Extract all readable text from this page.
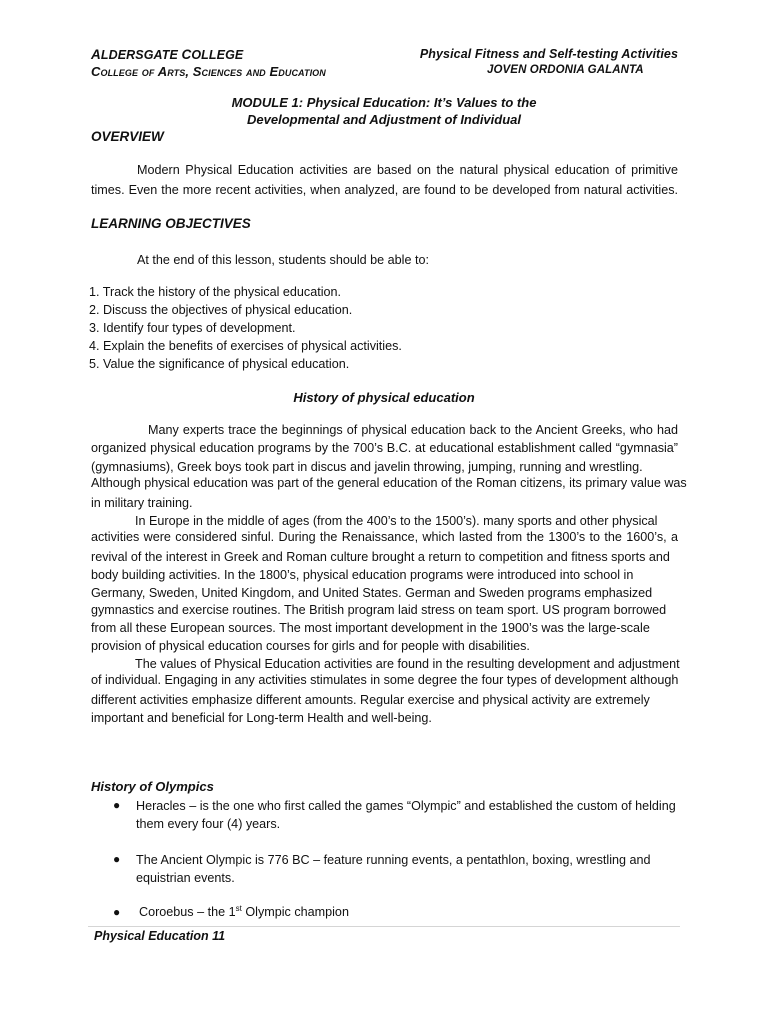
ALDERSGATE COLLEGE
College of Arts, Sciences and Education
Physical Fitness and Self-testing Activities
JOVEN ORDONIA GALANTA
MODULE 1: Physical Education: It’s Values to the
Developmental and Adjustment of Individual
OVERVIEW
Modern Physical Education activities are based on the natural physical education of primitive
times. Even the more recent activities, when analyzed, are found to be developed from natural activities.
LEARNING OBJECTIVES
At the end of this lesson, students should be able to:
1. Track the history of the physical education.
2. Discuss the objectives of physical education.
3. Identify four types of development.
4. Explain the benefits of exercises of physical activities.
5. Value the significance of physical education.
History of physical education
Many experts trace the beginnings of physical education back to the Ancient Greeks, who had
organized physical education programs by the 700’s B.C. at educational establishment called “gymnasia”
(gymnasiums), Greek boys took part in discus and javelin throwing, jumping, running and wrestling.
Although physical education was part of the general education of the Roman citizens, its primary value was
in military training.
In Europe in the middle of ages (from the 400’s to the 1500’s). many sports and other physical
activities were considered sinful. During the Renaissance, which lasted from the 1300’s to the 1600’s, a
revival of the interest in Greek and Roman culture brought a return to competition and fitness sports and
body building activities. In the 1800’s, physical education programs were introduced into school in
Germany, Sweden, United Kingdom, and United States. German and Sweden programs emphasized
gymnastics and exercise routines. The British program laid stress on team sport. US program borrowed
from all these European sources. The most important development in the 1900’s was the large-scale
provision of physical education courses for girls and for people with disabilities.
The values of Physical Education activities are found in the resulting development and adjustment
of individual. Engaging in any activities stimulates in some degree the four types of development although
different activities emphasize different amounts. Regular exercise and physical activity are extremely
important and beneficial for Long-term Health and well-being.
History of Olympics
● Heracles – is the one who first called the games “Olympic” and established the custom of helding
them every four (4) years.
● The Ancient Olympic is 776 BC – feature running events, a pentathlon, boxing, wrestling and
equistrian events.
● Coroebus – the 1st Olympic champion
Physical Education 11
